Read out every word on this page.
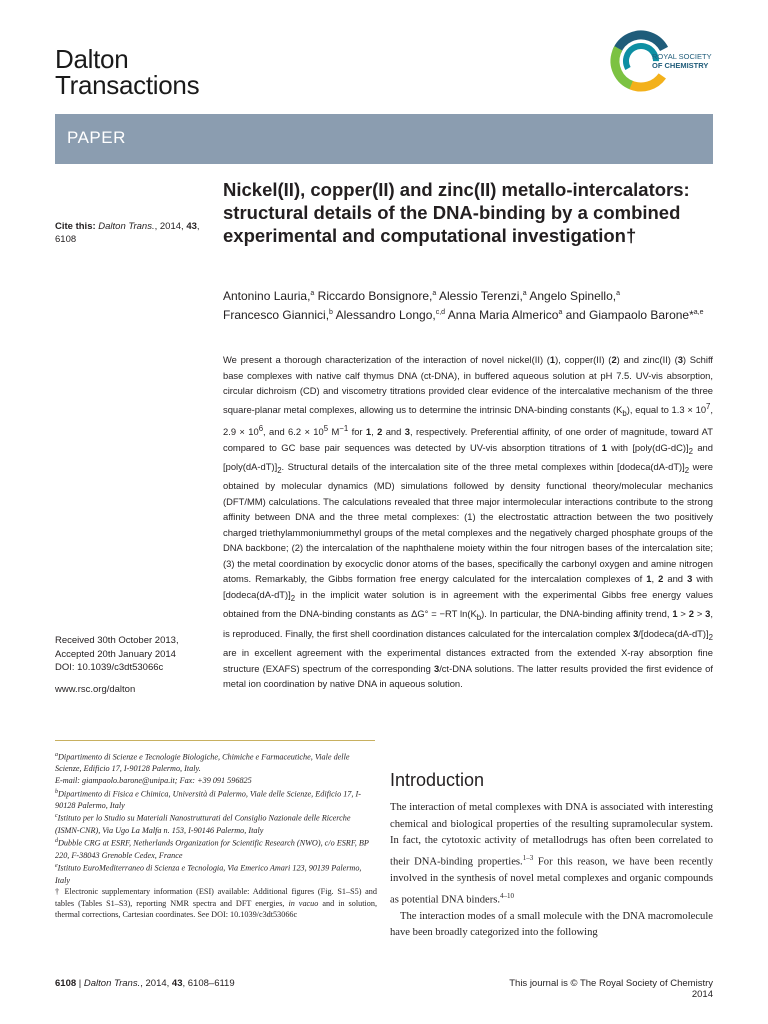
Dalton
Transactions
ROYAL SOCIETY
OF CHEMISTRY
PAPER
Cite this: Dalton Trans., 2014, 43,
6108
Nickel(II), copper(II) and zinc(II) metallo-intercalators: structural details of the DNA-binding by a combined experimental and computational investigation†
Antonino Lauria,$^a$ Riccardo Bonsignore,$^a$ Alessio Terenzi,$^a$ Angelo Spinello,$^a$
Francesco Giannici,$^b$ Alessandro Longo,$^{c,d}$ Anna Maria Almerico$^a$ and Giampaolo Barone*$^{a,e}$
We present a thorough characterization of the interaction of novel nickel(II) (1), copper(II) (2) and zinc(II) (3) Schiff base complexes with native calf thymus DNA (ct-DNA), in buffered aqueous solution at pH 7.5. UV-vis absorption, circular dichroism (CD) and viscometry titrations provided clear evidence of the intercalative mechanism of the three square-planar metal complexes, allowing us to determine the intrinsic DNA-binding constants $(K_b)$, equal to $1.3 \times 10^7$, $2.9 \times 10^6$, and $6.2 \times 10^5$ $M^{-1}$ for 1, 2 and 3, respectively. Preferential affinity, of one order of magnitude, toward AT compared to GC base pair sequences was detected by UV-vis absorption titrations of 1 with $[poly(dG-dC)]_2$ and $[poly(dA-dT)]_2$. Structural details of the intercalation site of the three metal complexes within $[dodeca(dA-dT)]_2$ were obtained by molecular dynamics (MD) simulations followed by density functional theory/molecular mechanics (DFT/MM) calculations. The calculations revealed that three major intermolecular interactions contribute to the strong affinity between DNA and the three metal complexes: (1) the electrostatic attraction between the two positively charged triethylammoniummethyl groups of the metal complexes and the negatively charged phosphate groups of the DNA backbone; (2) the intercalation of the naphthalene moiety within the four nitrogen bases of the intercalation site; (3) the metal coordination by exocyclic donor atoms of the bases, specifically the carbonyl oxygen and amine nitrogen atoms. Remarkably, the Gibbs formation free energy calculated for the intercalation complexes of 1, 2 and 3 with $[dodeca(dA-dT)]_2$ in the implicit water solution is in agreement with the experimental Gibbs free energy values obtained from the DNA-binding constants as ΔG° = −RT $\ln(K_b)$. In particular, the DNA-binding affinity trend, 1 > 2 > 3, is reproduced. Finally, the first shell coordination distances calculated for the intercalation complex $3/[dodeca(dA-dT)]_2$ are in excellent agreement with the experimental distances extracted from the extended X-ray absorption fine structure (EXAFS) spectrum of the corresponding 3/ct-DNA solutions. The latter results provided the first evidence of metal ion coordination by native DNA in aqueous solution.
Received 30th October 2013,
Accepted 20th January 2014
DOI: 10.1039/c3dt53066c
www.rsc.org/dalton

$^a$Dipartimento di Scienze e Tecnologie Biologiche, Chimiche e Farmaceutiche, Viale delle Scienze, Edificio 17, I-90128 Palermo, Italy.

E-mail: giampaolo.barone@unipa.it; Fax: +39 091 596825

$^b$Dipartimento di Fisica e Chimica, Università di Palermo, Viale delle Scienze, Edificio 17, I-90128 Palermo, Italy

$^c$Istituto per lo Studio su Materiali Nanostrutturati del Consiglio Nazionale delle Ricerche (ISMN-CNR), Via Ugo La Malfa n. 153, I-90146 Palermo, Italy

$^d$Dubble CRG at ESRF, Netherlands Organization for Scientific Research (NWO), c/o ESRF, BP 220, F-38043 Grenoble Cedex, France

$^e$Istituto EuroMediterraneo di Scienza e Tecnologia, Via Emerico Amari 123, 90139 Palermo, Italy

† Electronic supplementary information (ESI) available: Additional figures (Fig. S1–S5) and tables (Tables S1–S3), reporting NMR spectra and DFT energies, in vacuo and in solution, thermal corrections, Cartesian coordinates. See DOI: 10.1039/c3dt53066c

Introduction

The interaction of metal complexes with DNA is associated with interesting chemical and biological properties of the resulting supramolecular system. In fact, the cytotoxic activity of metallodrugs has often been correlated to their DNA-binding properties.$^{1-3}$ For this reason, we have been recently involved in the synthesis of novel metal complexes and organic compounds as potential DNA binders.$^{4-10}$

The interaction modes of a small molecule with the DNA macromolecule have been broadly categorized into the following

6108 | Dalton Trans., 2014, 43, 6108–6119	This journal is © The Royal Society of Chemistry 2014
